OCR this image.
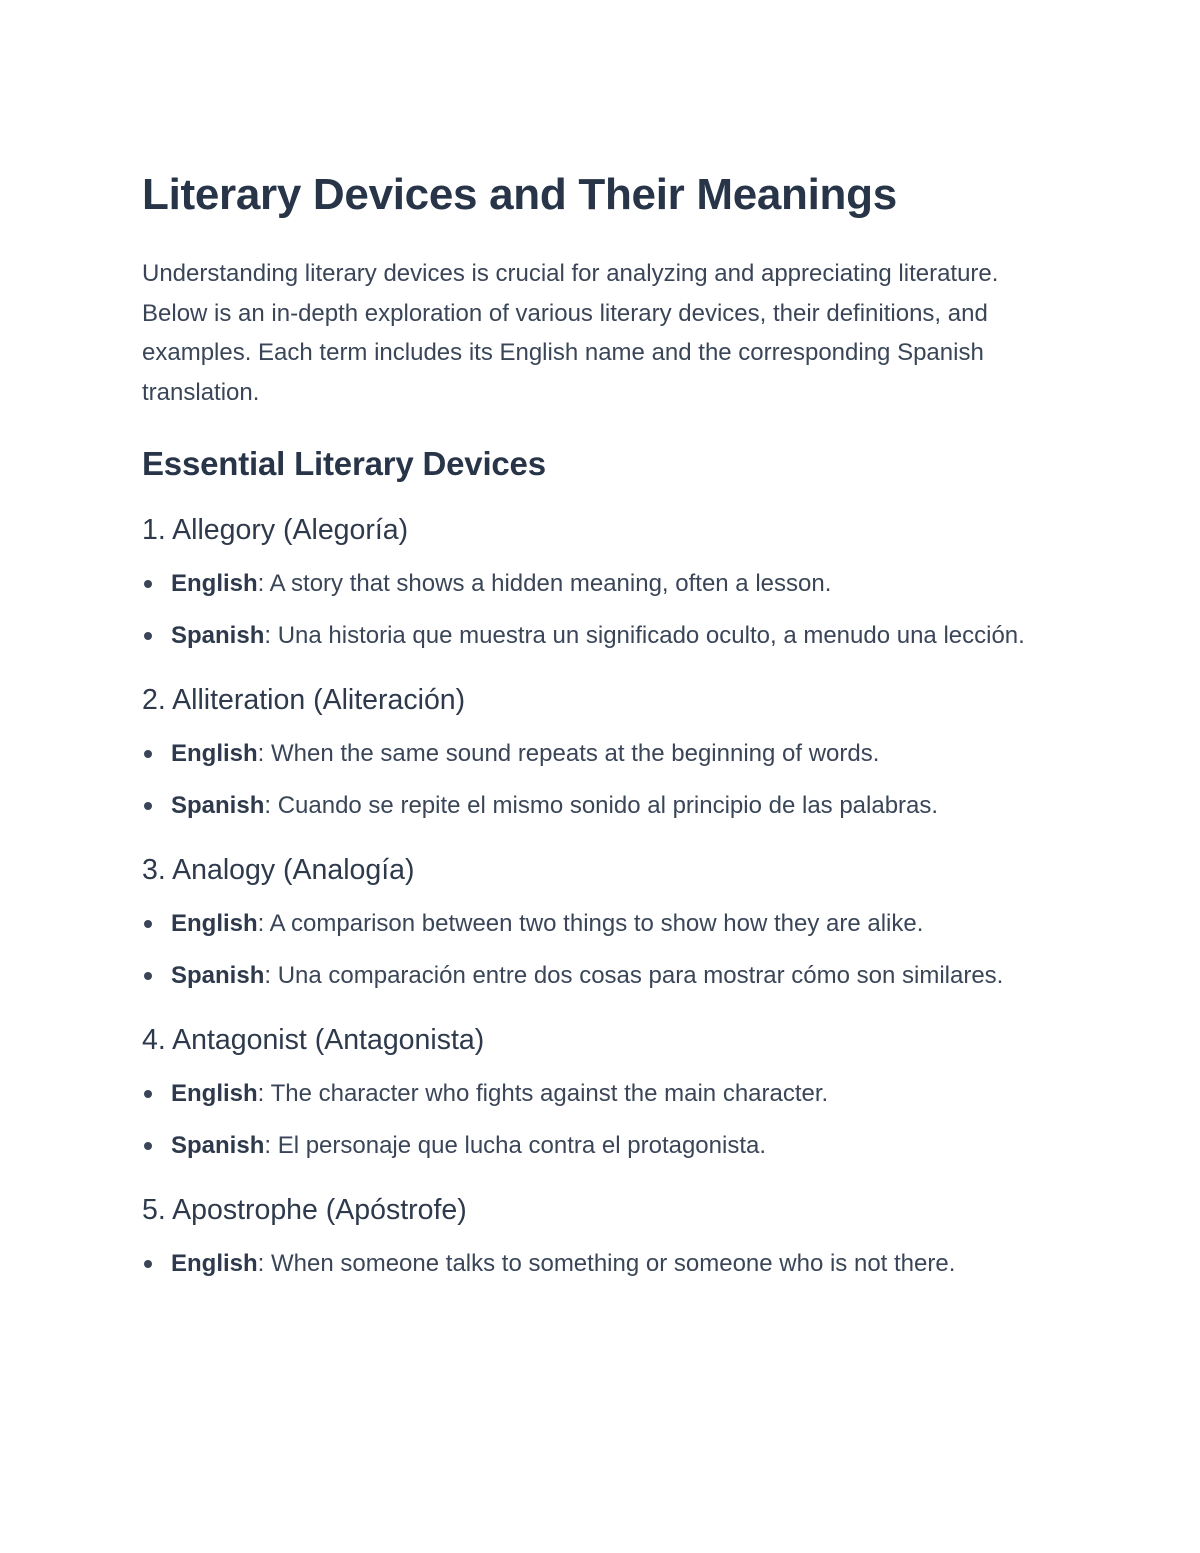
Literary Devices and Their Meanings

Understanding literary devices is crucial for analyzing and appreciating literature. Below is an in-depth exploration of various literary devices, their definitions, and examples. Each term includes its English name and the corresponding Spanish translation.

Essential Literary Devices
1. Allegory (Alegoría)
English: A story that shows a hidden meaning, often a lesson.
Spanish: Una historia que muestra un significado oculto, a menudo una lección.
2. Alliteration (Aliteración)
English: When the same sound repeats at the beginning of words.
Spanish: Cuando se repite el mismo sonido al principio de las palabras.
3. Analogy (Analogía)
English: A comparison between two things to show how they are alike.
Spanish: Una comparación entre dos cosas para mostrar cómo son similares.
4. Antagonist (Antagonista)
English: The character who fights against the main character.
Spanish: El personaje que lucha contra el protagonista.
5. Apostrophe (Apóstrofe)
English: When someone talks to something or someone who is not there.
